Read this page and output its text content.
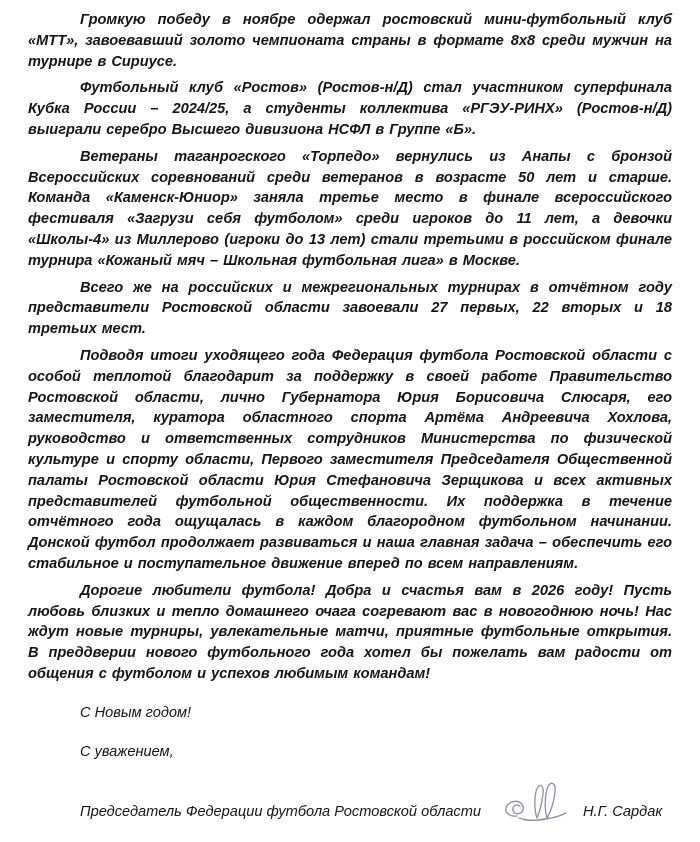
Громкую победу в ноябре одержал ростовский мини-футбольный клуб «МТТ», завоевавший золото чемпионата страны в формате 8х8 среди мужчин на турнире в Сириусе.

Футбольный клуб «Ростов» (Ростов-н/Д) стал участником суперфинала Кубка России – 2024/25, а студенты коллектива «РГЭУ-РИНХ» (Ростов-н/Д) выиграли серебро Высшего дивизиона НСФЛ в Группе «Б».

Ветераны таганрогского «Торпедо» вернулись из Анапы с бронзой Всероссийских соревнований среди ветеранов в возрасте 50 лет и старше. Команда «Каменск-Юниор» заняла третье место в финале всероссийского фестиваля «Загрузи себя футболом» среди игроков до 11 лет, а девочки «Школы-4» из Миллерово (игроки до 13 лет) стали третьими в российском финале турнира «Кожаный мяч – Школьная футбольная лига» в Москве.

Всего же на российских и межрегиональных турнирах в отчётном году представители Ростовской области завоевали 27 первых, 22 вторых и 18 третьих мест.

Подводя итоги уходящего года Федерация футбола Ростовской области с особой теплотой благодарит за поддержку в своей работе Правительство Ростовской области, лично Губернатора Юрия Борисовича Слюсаря, его заместителя, куратора областного спорта Артёма Андреевича Хохлова, руководство и ответственных сотрудников Министерства по физической культуре и спорту области, Первого заместителя Председателя Общественной палаты Ростовской области Юрия Стефановича Зерщикова и всех активных представителей футбольной общественности. Их поддержка в течение отчётного года ощущалась в каждом благородном футбольном начинании. Донской футбол продолжает развиваться и наша главная задача – обеспечить его стабильное и поступательное движение вперед по всем направлениям.

Дорогие любители футбола! Добра и счастья вам в 2026 году! Пусть любовь близких и тепло домашнего очага согревают вас в новогоднюю ночь! Нас ждут новые турниры, увлекательные матчи, приятные футбольные открытия. В преддверии нового футбольного года хотел бы пожелать вам радости от общения с футболом и успехов любимым командам!

С Новым годом!

С уважением,

Председатель Федерации футбола Ростовской области	Н.Г. Сардак
